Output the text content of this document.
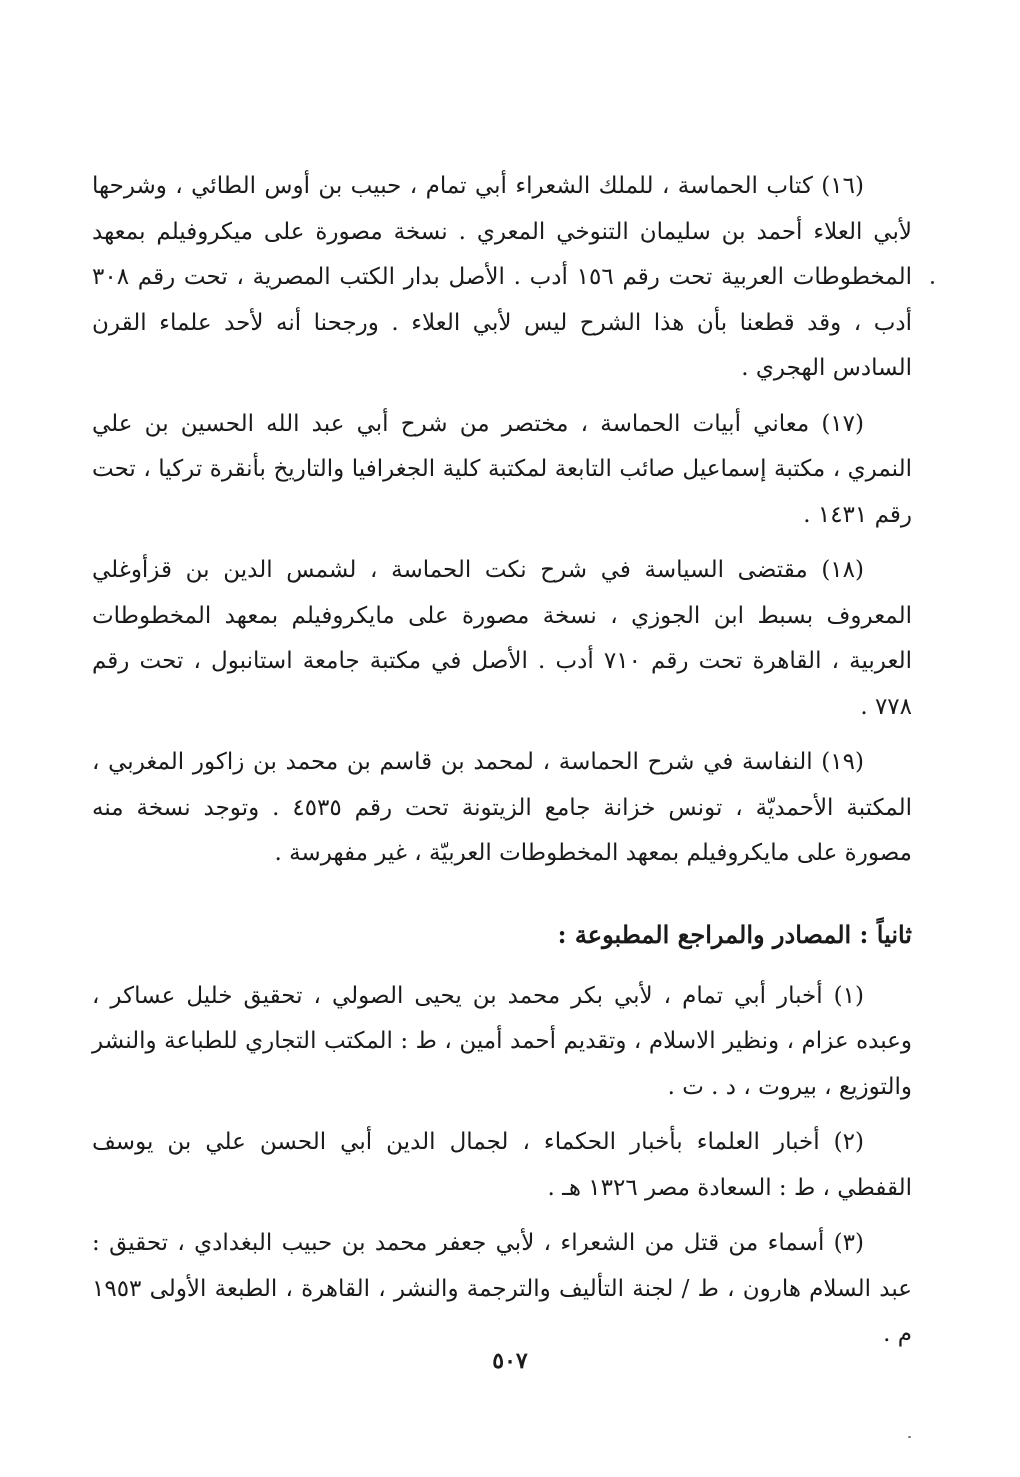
(١٦) كتاب الحماسة ، للملك الشعراء أبي تمام ، حبيب بن أوس الطائي ، وشرحها لأبي العلاء أحمد بن سليمان التنوخي المعري . نسخة مصورة على ميكروفيلم بمعهد المخطوطات العربية تحت رقم ١٥٦ أدب . الأصل بدار الكتب المصرية ، تحت رقم ٣٠٨ أدب ، وقد قطعنا بأن هذا الشرح ليس لأبي العلاء . ورجحنا أنه لأحد علماء القرن السادس الهجري .

(١٧) معاني أبيات الحماسة ، مختصر من شرح أبي عبد الله الحسين بن علي النمري ، مكتبة إسماعيل صائب التابعة لمكتبة كلية الجغرافيا والتاريخ بأنقرة تركيا ، تحت رقم ١٤٣١ .

(١٨) مقتضى السياسة في شرح نكت الحماسة ، لشمس الدين بن قزأوغلي المعروف بسبط ابن الجوزي ، نسخة مصورة على مايكروفيلم بمعهد المخطوطات العربية ، القاهرة تحت رقم ٧١٠ أدب . الأصل في مكتبة جامعة استانبول ، تحت رقم ٧٧٨ .

(١٩) النفاسة في شرح الحماسة ، لمحمد بن قاسم بن محمد بن زاكور المغربي ، المكتبة الأحمديّة ، تونس خزانة جامع الزيتونة تحت رقم ٤٥٣٥ . وتوجد نسخة منه مصورة على مايكروفيلم بمعهد المخطوطات العربيّة ، غير مفهرسة .

ثانياً : المصادر والمراجع المطبوعة :

(١) أخبار أبي تمام ، لأبي بكر محمد بن يحيى الصولي ، تحقيق خليل عساكر ، وعبده عزام ، ونظير الاسلام ، وتقديم أحمد أمين ، ط : المكتب التجاري للطباعة والنشر والتوزيع ، بيروت ، د . ت .

(٢) أخبار العلماء بأخبار الحكماء ، لجمال الدين أبي الحسن علي بن يوسف القفطي ، ط : السعادة مصر ١٣٢٦ هـ .

(٣) أسماء من قتل من الشعراء ، لأبي جعفر محمد بن حبيب البغدادي ، تحقيق : عبد السلام هارون ، ط / لجنة التأليف والترجمة والنشر ، القاهرة ، الطبعة الأولى ١٩٥٣ م .

٥٠٧
